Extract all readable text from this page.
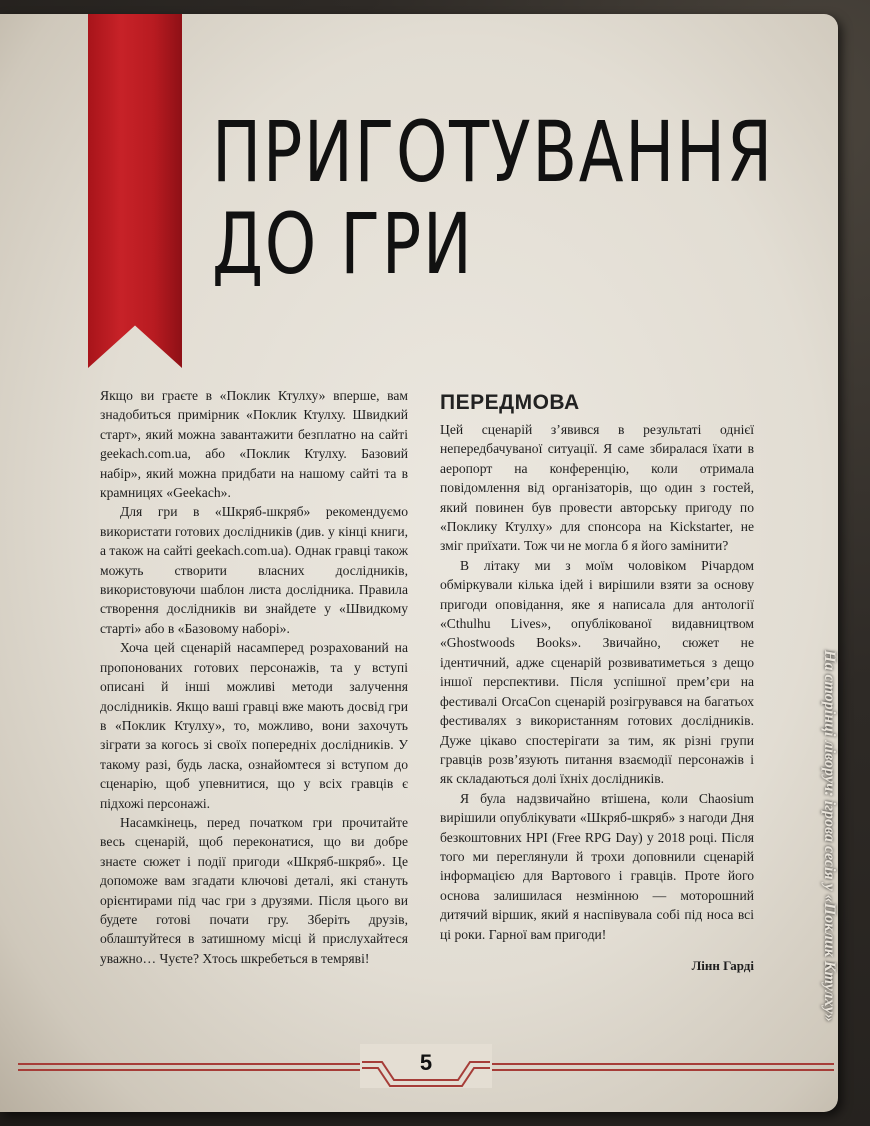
ПРИГОТУВАННЯ
ДО ГРИ

Якщо ви граєте в «Поклик Ктулху» вперше, вам знадобиться примірник «Поклик Ктулху. Швидкий старт», який можна завантажити безплатно на сайті geekach.com.ua, або «Поклик Ктулху. Базовий набір», який можна придбати на нашому сайті та в крамницях «Geekach».

Для гри в «Шкряб-шкряб» рекомендуємо використати готових дослідників (див. у кінці книги, а також на сайті geekach.com.ua). Однак гравці також можуть створити власних дослідників, використовуючи шаблон листа дослідника. Правила створення дослідників ви знайдете у «Швидкому старті» або в «Базовому наборі».

Хоча цей сценарій насамперед розрахований на пропонованих готових персонажів, та у вступі описані й інші можливі методи залучення дослідників. Якщо ваші гравці вже мають досвід гри в «Поклик Ктулху», то, можливо, вони захочуть зіграти за когось зі своїх попередніх дослідників. У такому разі, будь ласка, ознайомтеся зі вступом до сценарію, щоб упевнитися, що у всіх гравців є підхожі персонажі.

Насамкінець, перед початком гри прочитайте весь сценарій, щоб переконатися, що ви добре знаєте сюжет і події пригоди «Шкряб-шкряб». Це допоможе вам згадати ключові деталі, які стануть орієнтирами під час гри з друзями. Після цього ви будете готові почати гру. Зберіть друзів, облаштуйтеся в затишному місці й прислухайтеся уважно… Чуєте? Хтось шкребеться в темряві!

ПЕРЕДМОВА

Цей сценарій з’явився в результаті однієї непередбачуваної ситуації. Я саме збиралася їхати в аеропорт на конференцію, коли отримала повідомлення від організаторів, що один з гостей, який повинен був провести авторську пригоду по «Поклику Ктулху» для спонсора на Kickstarter, не зміг приїхати. Тож чи не могла б я його замінити?

В літаку ми з моїм чоловіком Річардом обміркували кілька ідей і вирішили взяти за основу пригоди оповідання, яке я написала для антології «Cthulhu Lives», опублікованої видавництвом «Ghostwoods Books». Звичайно, сюжет не ідентичний, адже сценарій розвиватиметься з дещо іншої перспективи. Після успішної прем’єри на фестивалі OrcaCon сценарій розігрувався на багатьох фестивалях з використанням готових дослідників. Дуже цікаво спостерігати за тим, як різні групи гравців розв’язують питання взаємодії персонажів і як складаються долі їхніх дослідників.

Я була надзвичайно втішена, коли Chaosium вирішили опублікувати «Шкряб-шкряб» з нагоди Дня безкоштовних НРІ (Free RPG Day) у 2018 році. Після того ми переглянули й трохи доповнили сценарій інформацією для Вартового і гравців. Проте його основа залишилася незмінною — моторошний дитячий віршик, який я наспівувала собі під носа всі ці роки. Гарної вам пригоди!

Лінн Гарді
5
На сторінці ліворуч: ігрова сесія у «Поклик Ктулху»
